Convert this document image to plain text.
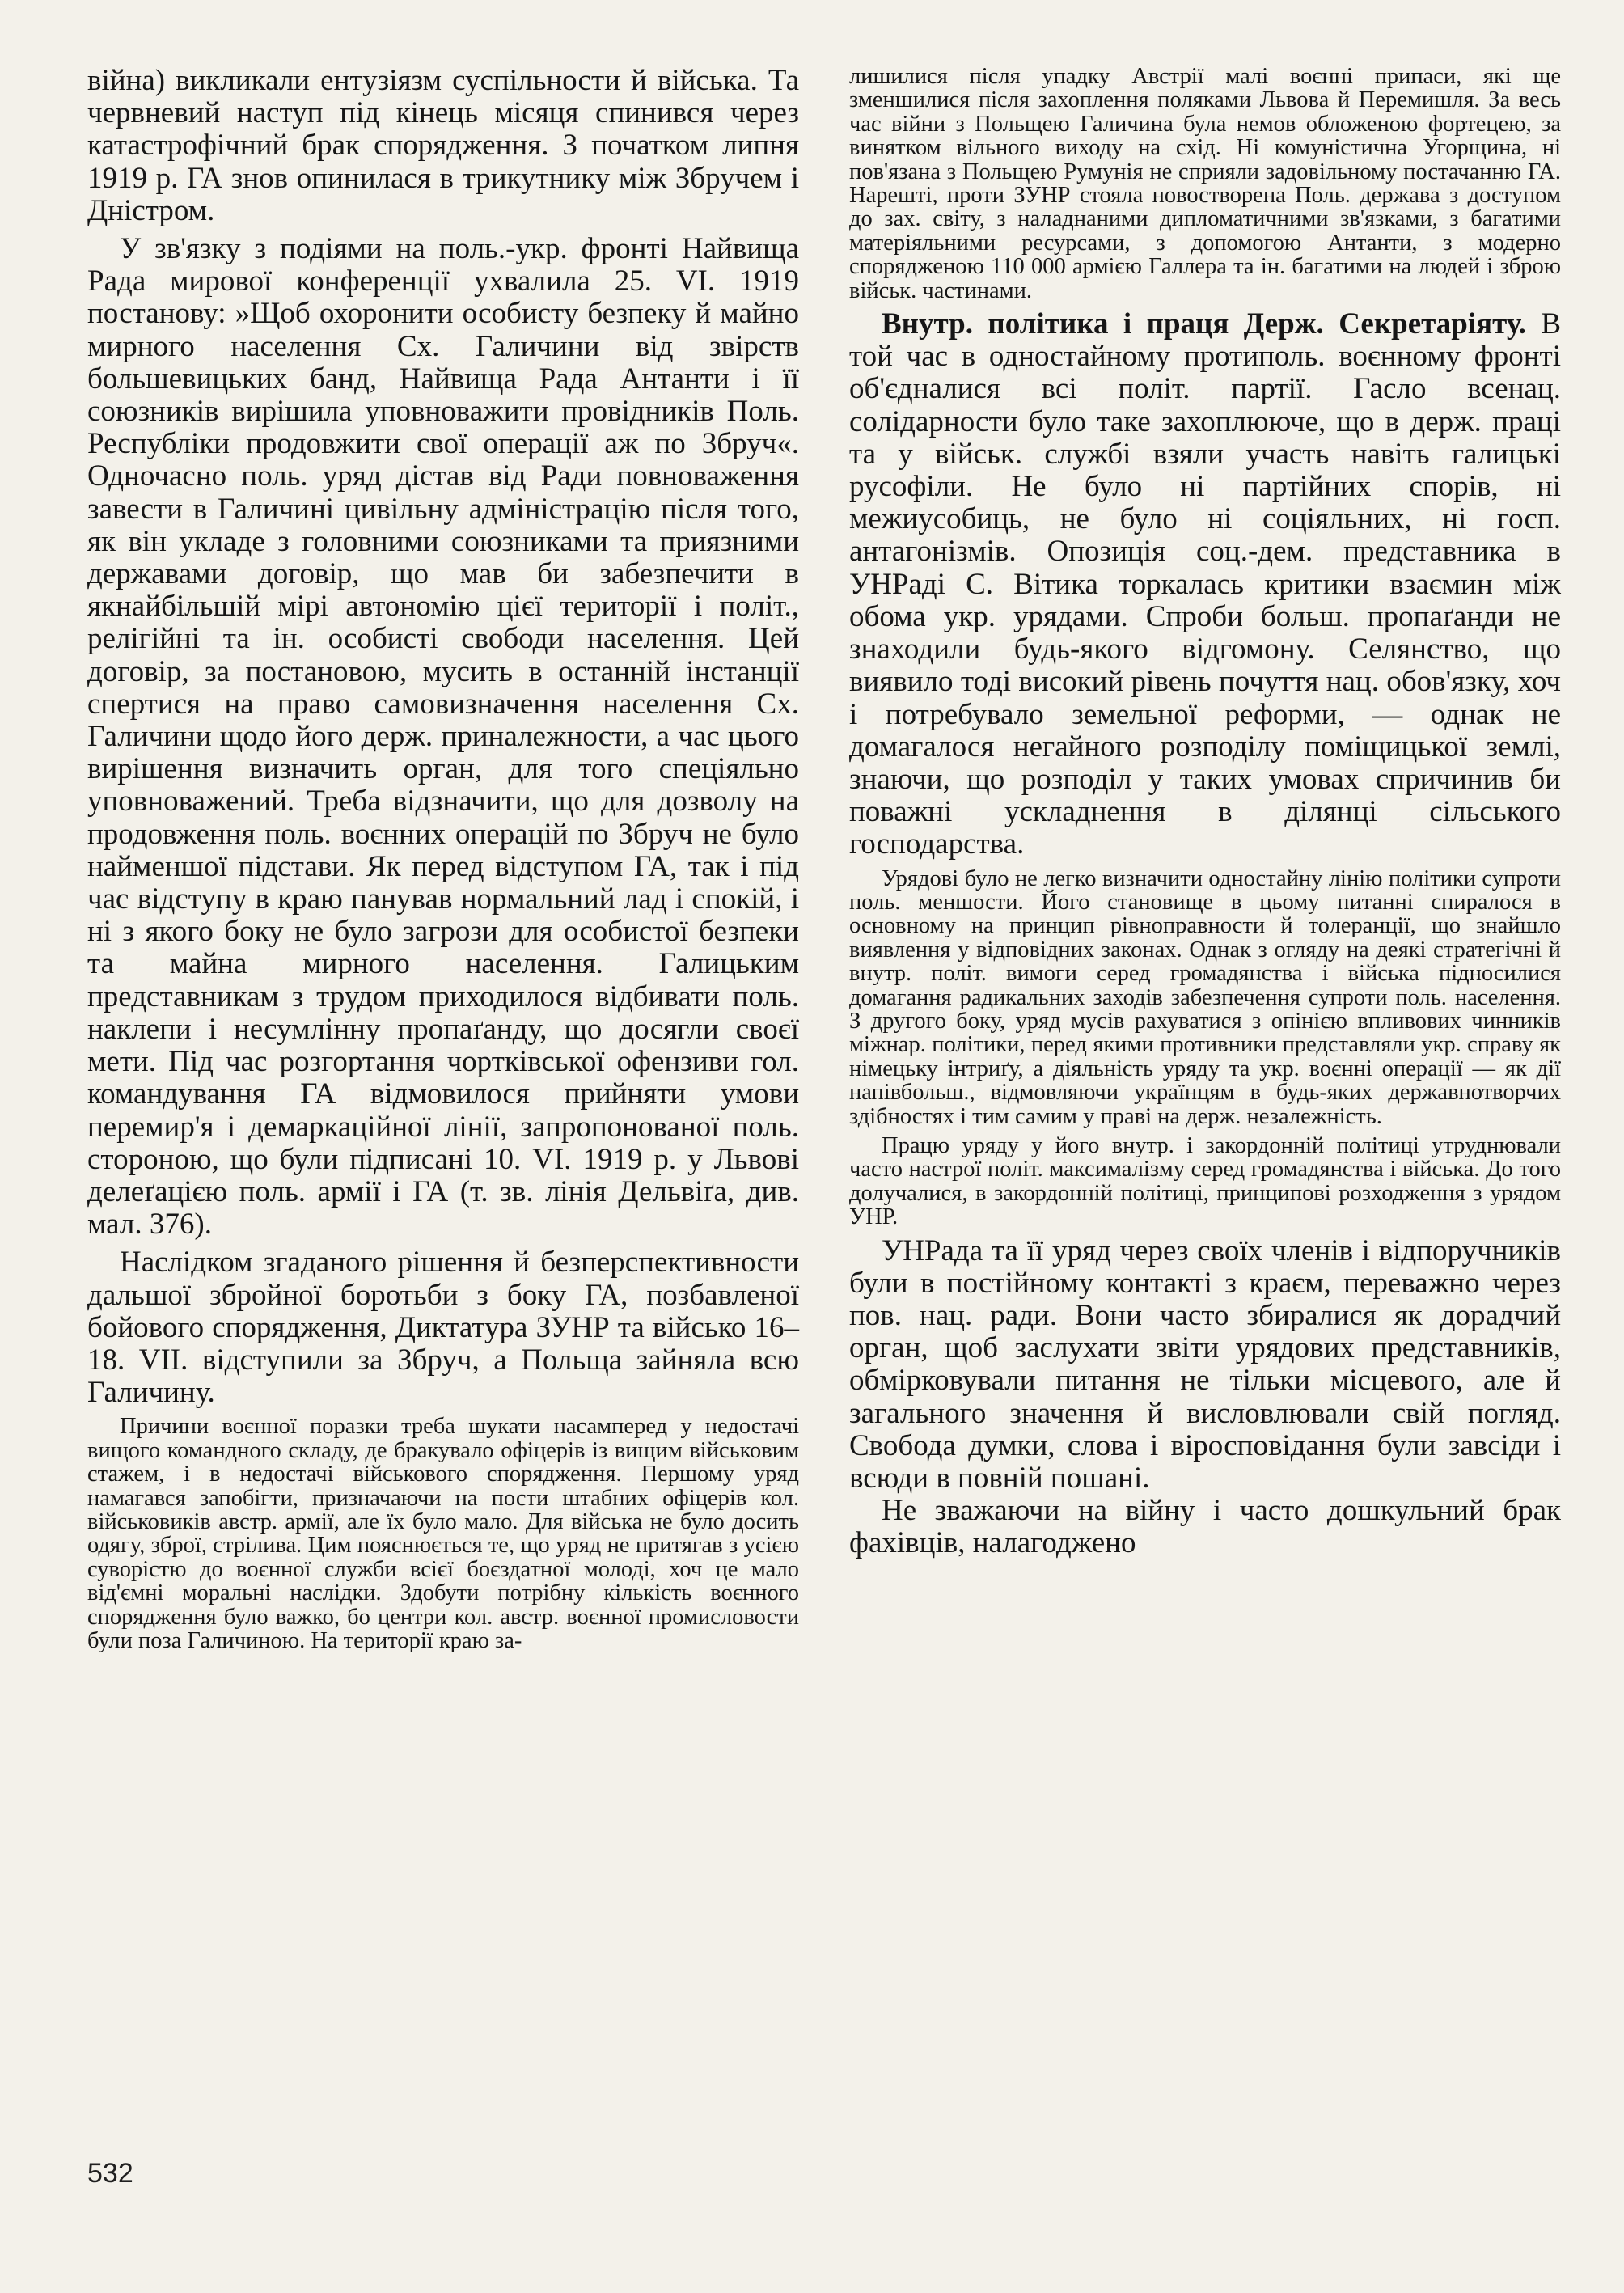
війна) викликали ентузіязм суспільности й війська. Та червневий наступ під кінець місяця спинився через катастрофічний брак спорядження. З початком липня 1919 р. ГА знов опинилася в трикутнику між Збручем і Дністром.

У зв'язку з подіями на поль.-укр. фронті Найвища Рада мирової конференції ухвалила 25. VI. 1919 постанову: »Щоб охоронити особисту безпеку й майно мирного населення Сх. Галичини від звірств большевицьких банд, Найвища Рада Антанти і її союзників вирішила уповноважити провідників Поль. Республіки продовжити свої операції аж по Збруч«. Одночасно поль. уряд дістав від Ради повноваження завести в Галичині цивільну адміністрацію після того, як він укладе з головними союзниками та приязними державами договір, що мав би забезпечити в якнайбільшій мірі автономію цієї території і політ., релігійні та ін. особисті свободи населення. Цей договір, за постановою, мусить в останній інстанції спертися на право самовизначення населення Сх. Галичини щодо його держ. приналежности, а час цього вирішення визначить орган, для того спеціяльно уповноважений. Треба відзначити, що для дозволу на продовження поль. воєнних операцій по Збруч не було найменшої підстави. Як перед відступом ГА, так і під час відступу в краю панував нормальний лад і спокій, і ні з якого боку не було загрози для особистої безпеки та майна мирного населення. Галицьким представникам з трудом приходилося відбивати поль. наклепи і несумлінну пропаґанду, що досягли своєї мети. Під час розгортання чортківської офензиви гол. командування ГА відмовилося прийняти умови перемир'я і демаркаційної лінії, запропонованої поль. стороною, що були підписані 10. VI. 1919 р. у Львові делеґацією поль. армії і ГА (т. зв. лінія Дельвіґа, див. мал. 376).

Наслідком згаданого рішення й безперспективности дальшої збройної боротьби з боку ГА, позбавленої бойового спорядження, Диктатура ЗУНР та військо 16–18. VII. відступили за Збруч, а Польща зайняла всю Галичину.

Причини воєнної поразки треба шукати насамперед у недостачі вищого командного складу, де бракувало офіцерів із вищим військовим стажем, і в недостачі військового спорядження. Першому уряд намагався запобігти, призначаючи на пости штабних офіцерів кол. військовиків австр. армії, але їх було мало. Для війська не було досить одягу, зброї, стрілива. Цим пояснюється те, що уряд не притягав з усією суворістю до воєнної служби всієї боєздатної молоді, хоч це мало від'ємні моральні наслідки. Здобути потрібну кількість воєнного спорядження було важко, бо центри кол. австр. воєнної промисловости були поза Галичиною. На території краю за-

лишилися після упадку Австрії малі воєнні припаси, які ще зменшилися після захоплення поляками Львова й Перемишля. За весь час війни з Польщею Галичина була немов обложеною фортецею, за винятком вільного виходу на схід. Ні комуністична Угорщина, ні пов'язана з Польщею Румунія не сприяли задовільному постачанню ГА. Нарешті, проти ЗУНР стояла новостворена Поль. держава з доступом до зах. світу, з наладнаними дипломатичними зв'язками, з багатими матеріяльними ресурсами, з допомогою Антанти, з модерно спорядженою 110 000 армією Галлера та ін. багатими на людей і зброю військ. частинами.

Внутр. політика і праця Держ. Секретаріяту. В той час в одностайному протиполь. воєнному фронті об'єдналися всі політ. партії. Гасло всенац. солідарности було таке захоплююче, що в держ. праці та у військ. службі взяли участь навіть галицькі русофіли. Не було ні партійних спорів, ні межиусобиць, не було ні соціяльних, ні госп. антагонізмів. Опозиція соц.-дем. представника в УНРаді С. Вітика торкалась критики взаємин між обома укр. урядами. Спроби больш. пропаґанди не знаходили будь-якого відгомону. Селянство, що виявило тоді високий рівень почуття нац. обов'язку, хоч і потребувало земельної реформи, — однак не домагалося негайного розподілу поміщицької землі, знаючи, що розподіл у таких умовах спричинив би поважні ускладнення в ділянці сільського господарства.

Урядові було не легко визначити одностайну лінію політики супроти поль. меншости. Його становище в цьому питанні спиралося в основному на принцип рівноправности й толеранції, що знайшло виявлення у відповідних законах. Однак з огляду на деякі стратегічні й внутр. політ. вимоги серед громадянства і війська підносилися домагання радикальних заходів забезпечення супроти поль. населення. З другого боку, уряд мусів рахуватися з опінією впливових чинників міжнар. політики, перед якими противники представляли укр. справу як німецьку інтриґу, а діяльність уряду та укр. воєнні операції — як дії напівбольш., відмовляючи українцям в будь-яких державнотворчих здібностях і тим самим у праві на держ. незалежність.

Працю уряду у його внутр. і закордонній політиці утруднювали часто настрої політ. максималізму серед громадянства і війська. До того долучалися, в закордонній політиці, принципові розходження з урядом УНР.

УНРада та її уряд через своїх членів і відпоручників були в постійному контакті з краєм, переважно через пов. нац. ради. Вони часто збиралися як дорадчий орган, щоб заслухати звіти урядових представників, обмірковували питання не тільки місцевого, але й загального значення й висловлювали свій погляд. Свобода думки, слова і віросповідання були завсіди і всюди в повній пошані.

Не зважаючи на війну і часто дошкульний брак фахівців, налагоджено

532
